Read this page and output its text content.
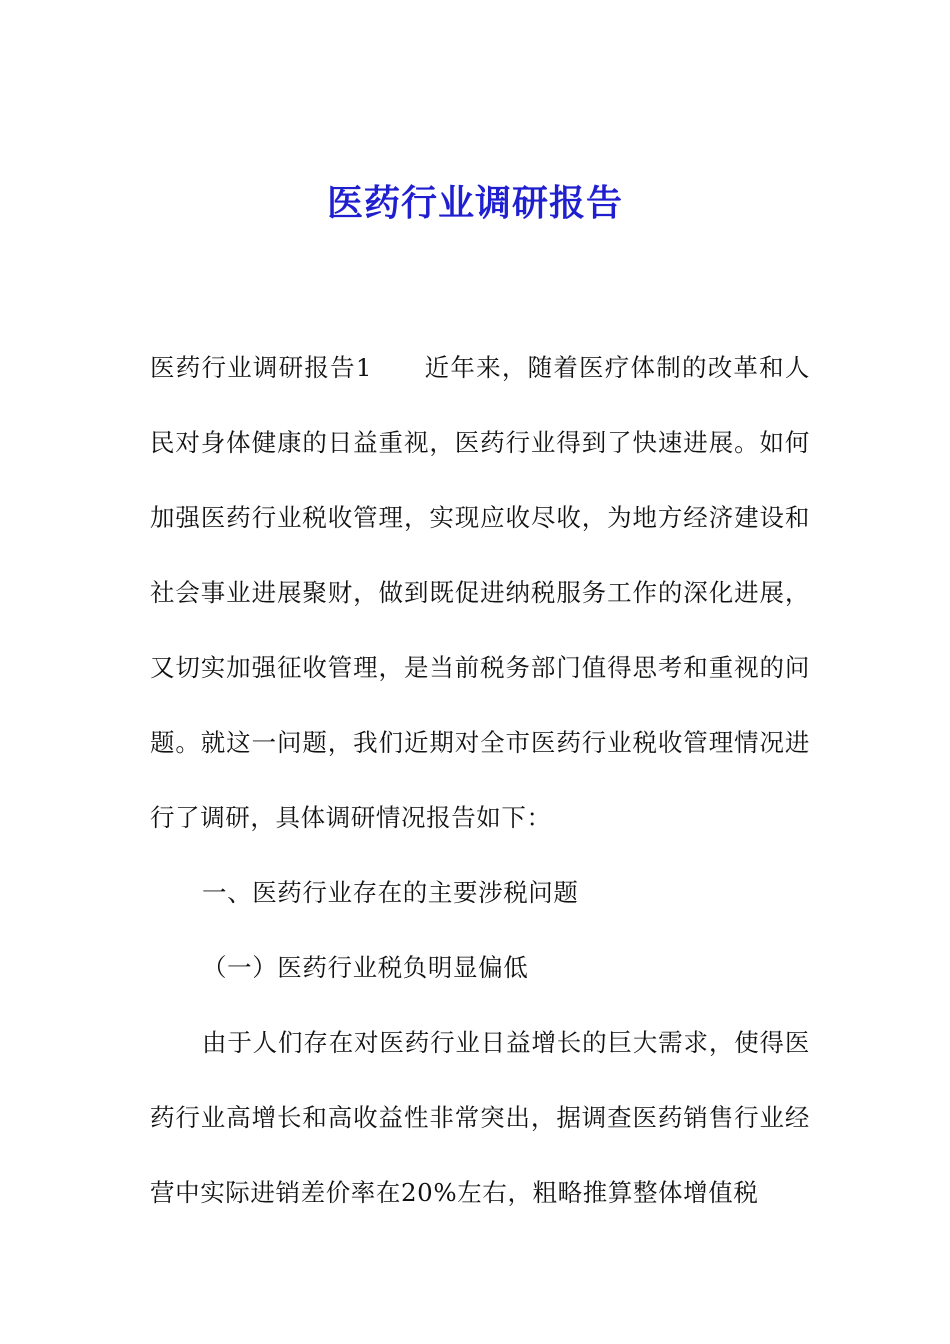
医药行业调研报告

医药行业调研报告1 近年来，随着医疗体制的改革和人民对身体健康的日益重视，医药行业得到了快速进展。如何加强医药行业税收管理，实现应收尽收，为地方经济建设和社会事业进展聚财，做到既促进纳税服务工作的深化进展，又切实加强征收管理，是当前税务部门值得思考和重视的问题。就这一问题，我们近期对全市医药行业税收管理情况进行了调研，具体调研情况报告如下：

一、医药行业存在的主要涉税问题

（一）医药行业税负明显偏低

由于人们存在对医药行业日益增长的巨大需求，使得医药行业高增长和高收益性非常突出，据调查医药销售行业经营中实际进销差价率在20%左右，粗略推算整体增值税
